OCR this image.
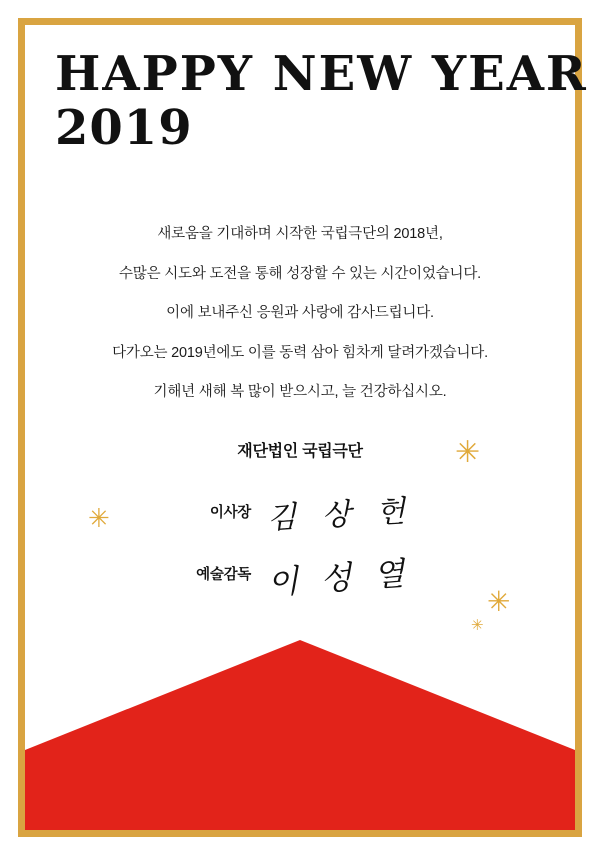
HAPPY NEW YEAR
2019

새로움을 기대하며 시작한 국립극단의 2018년,

수많은 시도와 도전을 통해 성장할 수 있는 시간이었습니다.

이에 보내주신 응원과 사랑에 감사드립니다.

다가오는 2019년에도 이를 동력 삼아 힘차게 달려가겠습니다.

기해년 새해 복 많이 받으시고, 늘 건강하십시오.

재단법인 국립극단
이사장 김 상 헌
예술감독 이 성 열
✳
✳
✳
✳
